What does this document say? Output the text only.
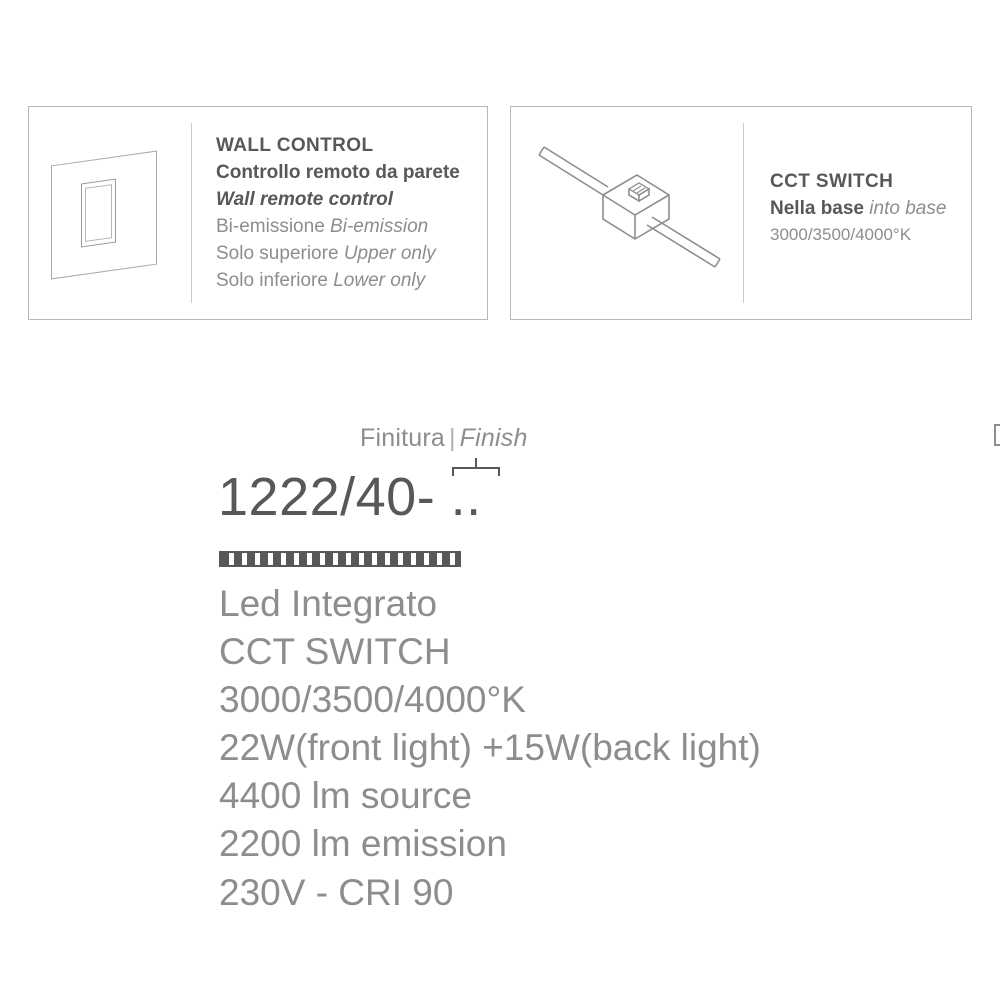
WALL CONTROL
Controllo remoto da parete
Wall remote control
Bi-emissione Bi-emission
Solo superiore Upper only
Solo inferiore Lower only
CCT SWITCH
Nella base into base
3000/3500/4000°K
Finitura | Finish
1222/40- ..
Led Integrato
CCT SWITCH
3000/3500/4000°K
22W(front light) +15W(back light)
4400 lm source
2200 lm emission
230V - CRI 90
